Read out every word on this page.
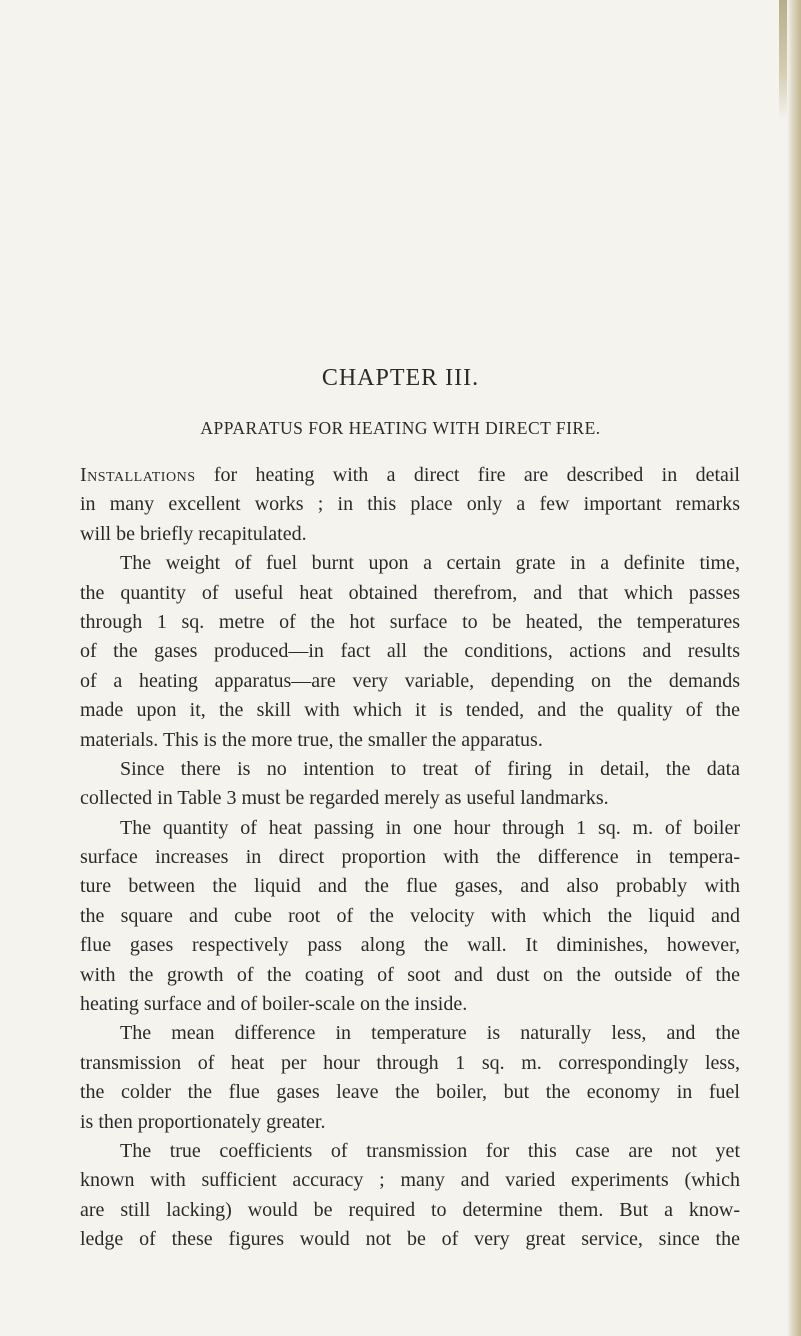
CHAPTER III.
APPARATUS FOR HEATING WITH DIRECT FIRE.
Installations for heating with a direct fire are described in detail
in many excellent works ; in this place only a few important remarks
will be briefly recapitulated.
The weight of fuel burnt upon a certain grate in a definite time,
the quantity of useful heat obtained therefrom, and that which passes
through 1 sq. metre of the hot surface to be heated, the temperatures
of the gases produced—in fact all the conditions, actions and results
of a heating apparatus—are very variable, depending on the demands
made upon it, the skill with which it is tended, and the quality of the
materials. This is the more true, the smaller the apparatus.
Since there is no intention to treat of firing in detail, the data
collected in Table 3 must be regarded merely as useful landmarks.
The quantity of heat passing in one hour through 1 sq. m. of boiler
surface increases in direct proportion with the difference in tempera-
ture between the liquid and the flue gases, and also probably with
the square and cube root of the velocity with which the liquid and
flue gases respectively pass along the wall. It diminishes, however,
with the growth of the coating of soot and dust on the outside of the
heating surface and of boiler-scale on the inside.
The mean difference in temperature is naturally less, and the
transmission of heat per hour through 1 sq. m. correspondingly less,
the colder the flue gases leave the boiler, but the economy in fuel
is then proportionately greater.
The true coefficients of transmission for this case are not yet
known with sufficient accuracy ; many and varied experiments (which
are still lacking) would be required to determine them. But a know-
ledge of these figures would not be of very great service, since the
